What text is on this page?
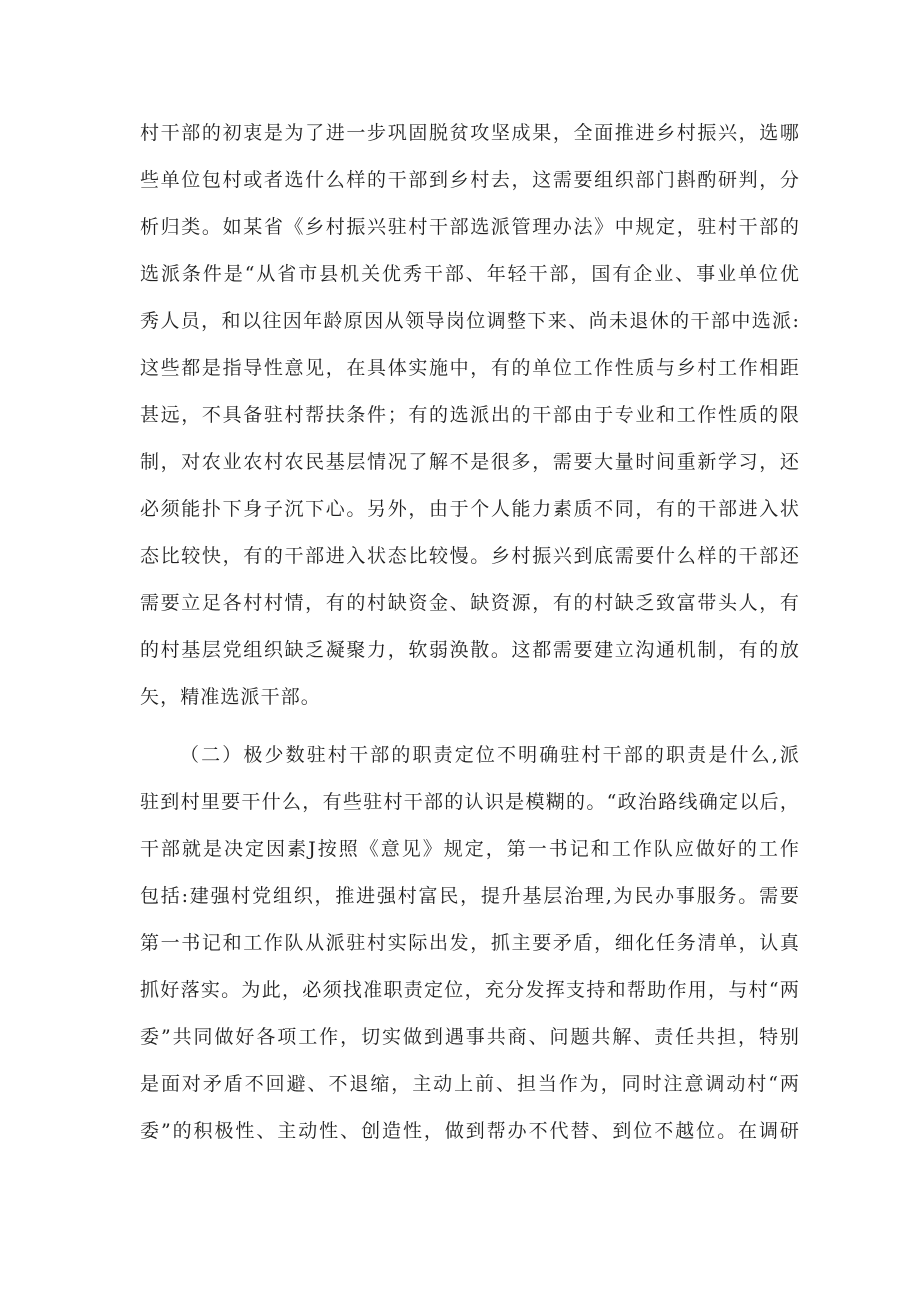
村干部的初衷是为了进一步巩固脱贫攻坚成果，全面推进乡村振兴，选哪
些单位包村或者选什么样的干部到乡村去，这需要组织部门斟酌研判，分
析归类。如某省《乡村振兴驻村干部选派管理办法》中规定，驻村干部的
选派条件是“从省市县机关优秀干部、年轻干部，国有企业、事业单位优
秀人员，和以往因年龄原因从领导岗位调整下来、尚未退休的干部中选派:
这些都是指导性意见，在具体实施中，有的单位工作性质与乡村工作相距
甚远，不具备驻村帮扶条件；有的选派出的干部由于专业和工作性质的限
制，对农业农村农民基层情况了解不是很多，需要大量时间重新学习，还
必须能扑下身子沉下心。另外，由于个人能力素质不同，有的干部进入状
态比较快，有的干部进入状态比较慢。乡村振兴到底需要什么样的干部还
需要立足各村村情，有的村缺资金、缺资源，有的村缺乏致富带头人，有
的村基层党组织缺乏凝聚力，软弱涣散。这都需要建立沟通机制，有的放
矢，精准选派干部。
（二）极少数驻村干部的职责定位不明确驻村干部的职责是什么,派
驻到村里要干什么，有些驻村干部的认识是模糊的。“政治路线确定以后，
干部就是决定因素J按照《意见》规定，第一书记和工作队应做好的工作
包括:建强村党组织，推进强村富民，提升基层治理,为民办事服务。需要
第一书记和工作队从派驻村实际出发，抓主要矛盾，细化任务清单，认真
抓好落实。为此，必须找准职责定位，充分发挥支持和帮助作用，与村“两
委”共同做好各项工作，切实做到遇事共商、问题共解、责任共担，特别
是面对矛盾不回避、不退缩，主动上前、担当作为，同时注意调动村“两
委”的积极性、主动性、创造性，做到帮办不代替、到位不越位。在调研
